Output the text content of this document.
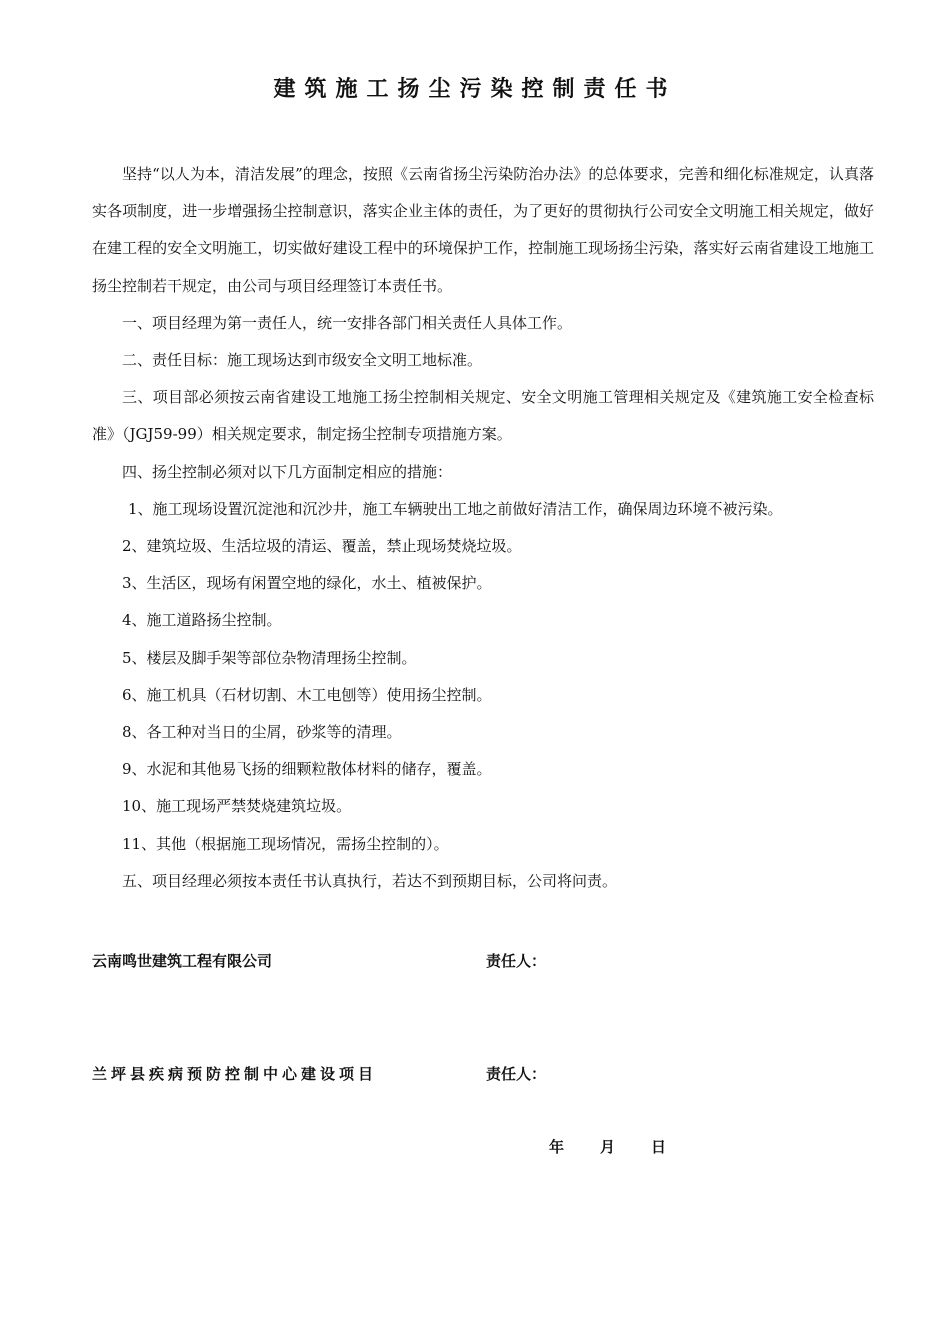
建筑施工扬尘污染控制责任书

坚持“以人为本，清洁发展”的理念，按照《云南省扬尘污染防治办法》的总体要求，完善和细化标准规定，认真落实各项制度，进一步增强扬尘控制意识，落实企业主体的责任，为了更好的贯彻执行公司安全文明施工相关规定，做好在建工程的安全文明施工，切实做好建设工程中的环境保护工作，控制施工现场扬尘污染，落实好云南省建设工地施工扬尘控制若干规定，由公司与项目经理签订本责任书。

一、项目经理为第一责任人，统一安排各部门相关责任人具体工作。

二、责任目标：施工现场达到市级安全文明工地标准。

三、项目部必须按云南省建设工地施工扬尘控制相关规定、安全文明施工管理相关规定及《建筑施工安全检查标准》（JGJ59-99）相关规定要求，制定扬尘控制专项措施方案。

四、扬尘控制必须对以下几方面制定相应的措施：

1、施工现场设置沉淀池和沉沙井，施工车辆驶出工地之前做好清洁工作，确保周边环境不被污染。

2、建筑垃圾、生活垃圾的清运、覆盖，禁止现场焚烧垃圾。

3、生活区，现场有闲置空地的绿化，水土、植被保护。

4、施工道路扬尘控制。

5、楼层及脚手架等部位杂物清理扬尘控制。

6、施工机具（石材切割、木工电刨等）使用扬尘控制。

8、各工种对当日的尘屑，砂浆等的清理。

9、水泥和其他易飞扬的细颗粒散体材料的储存，覆盖。

10、施工现场严禁焚烧建筑垃圾。

11、其他（根据施工现场情况，需扬尘控制的）。

五、项目经理必须按本责任书认真执行，若达不到预期目标，公司将问责。

云南鸣世建筑工程有限公司	责任人：
兰坪县疾病预防控制中心建设项目	责任人：
年 月 日
